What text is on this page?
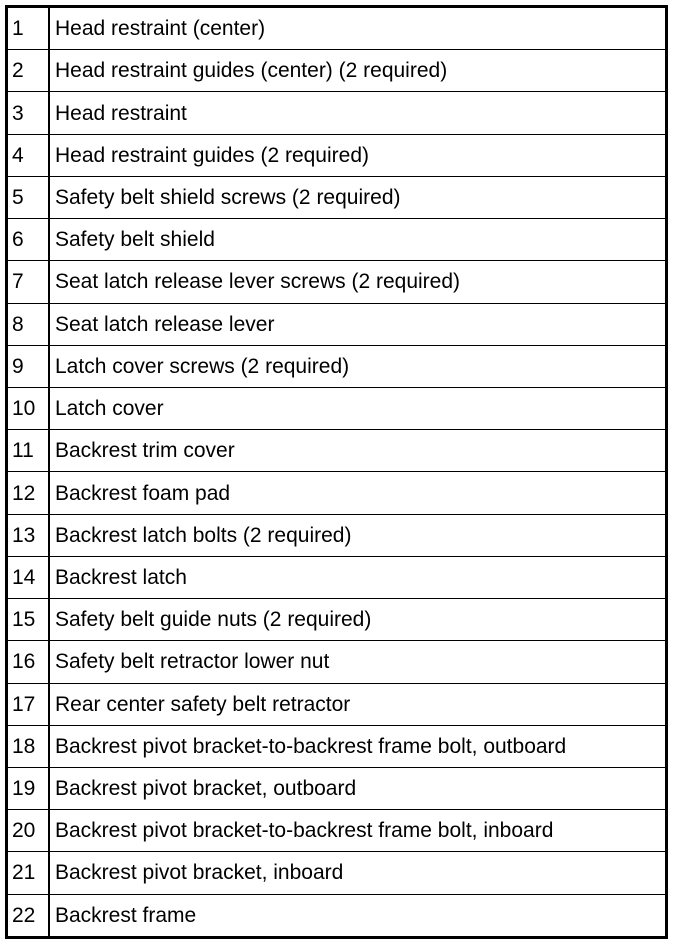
1	Head restraint (center)
2	Head restraint guides (center) (2 required)
3	Head restraint
4	Head restraint guides (2 required)
5	Safety belt shield screws (2 required)
6	Safety belt shield
7	Seat latch release lever screws (2 required)
8	Seat latch release lever
9	Latch cover screws (2 required)
10	Latch cover
11	Backrest trim cover
12	Backrest foam pad
13	Backrest latch bolts (2 required)
14	Backrest latch
15	Safety belt guide nuts (2 required)
16	Safety belt retractor lower nut
17	Rear center safety belt retractor
18	Backrest pivot bracket-to-backrest frame bolt, outboard
19	Backrest pivot bracket, outboard
20	Backrest pivot bracket-to-backrest frame bolt, inboard
21	Backrest pivot bracket, inboard
22	Backrest frame
